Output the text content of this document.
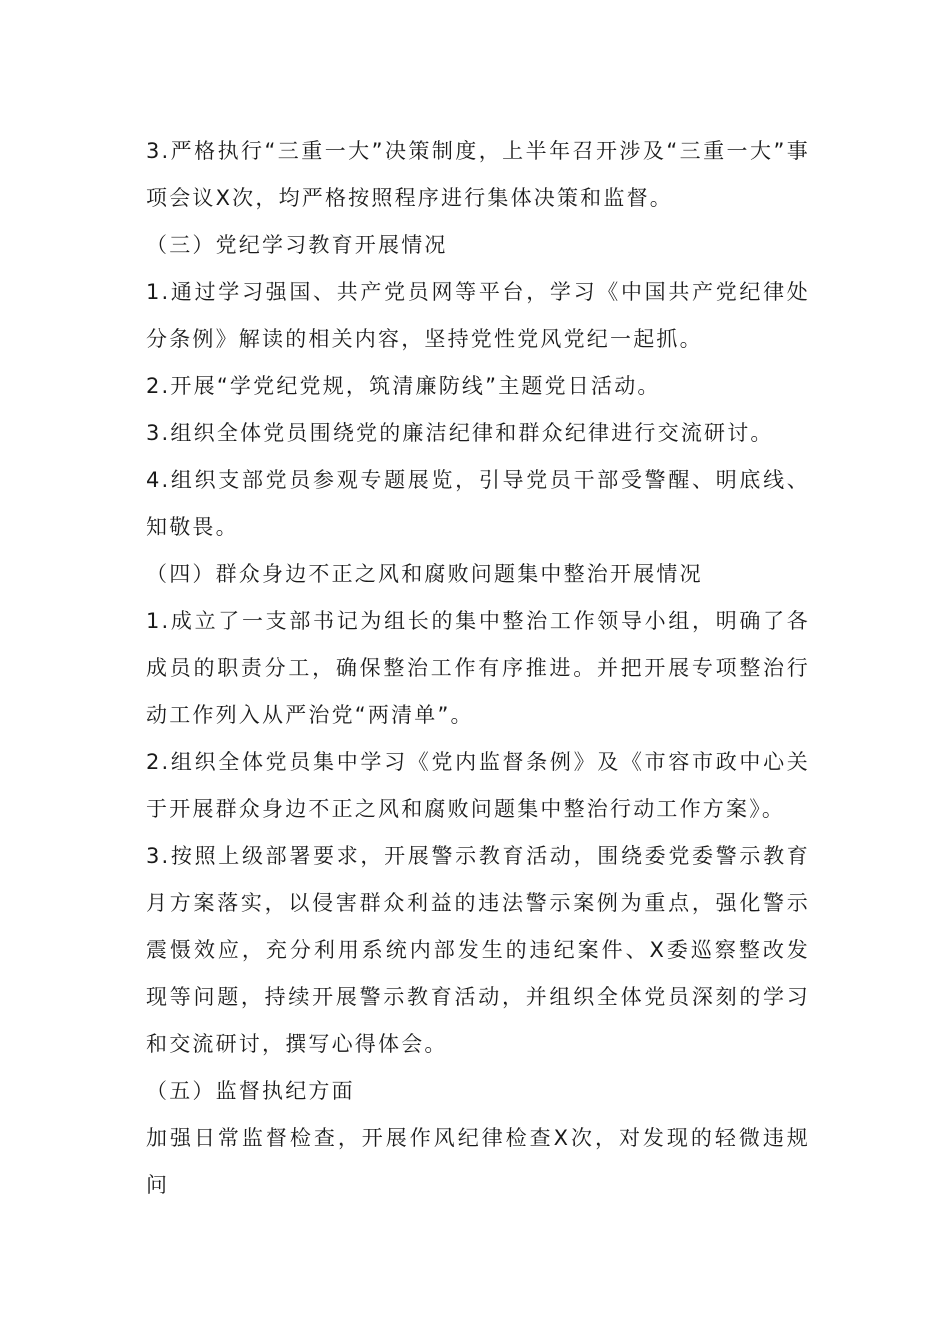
3.严格执行“三重一大”决策制度，上半年召开涉及“三重一大”事项会议X次，均严格按照程序进行集体决策和监督。

（三）党纪学习教育开展情况

1.通过学习强国、共产党员网等平台，学习《中国共产党纪律处分条例》解读的相关内容，坚持党性党风党纪一起抓。

2.开展“学党纪党规，筑清廉防线”主题党日活动。

3.组织全体党员围绕党的廉洁纪律和群众纪律进行交流研讨。

4.组织支部党员参观专题展览，引导党员干部受警醒、明底线、知敬畏。

（四）群众身边不正之风和腐败问题集中整治开展情况

1.成立了一支部书记为组长的集中整治工作领导小组，明确了各成员的职责分工，确保整治工作有序推进。并把开展专项整治行动工作列入从严治党“两清单”。

2.组织全体党员集中学习《党内监督条例》及《市容市政中心关于开展群众身边不正之风和腐败问题集中整治行动工作方案》。

3.按照上级部署要求，开展警示教育活动，围绕委党委警示教育月方案落实，以侵害群众利益的违法警示案例为重点，强化警示震慑效应，充分利用系统内部发生的违纪案件、X委巡察整改发现等问题，持续开展警示教育活动，并组织全体党员深刻的学习和交流研讨，撰写心得体会。

（五）监督执纪方面

加强日常监督检查，开展作风纪律检查X次，对发现的轻微违规问
